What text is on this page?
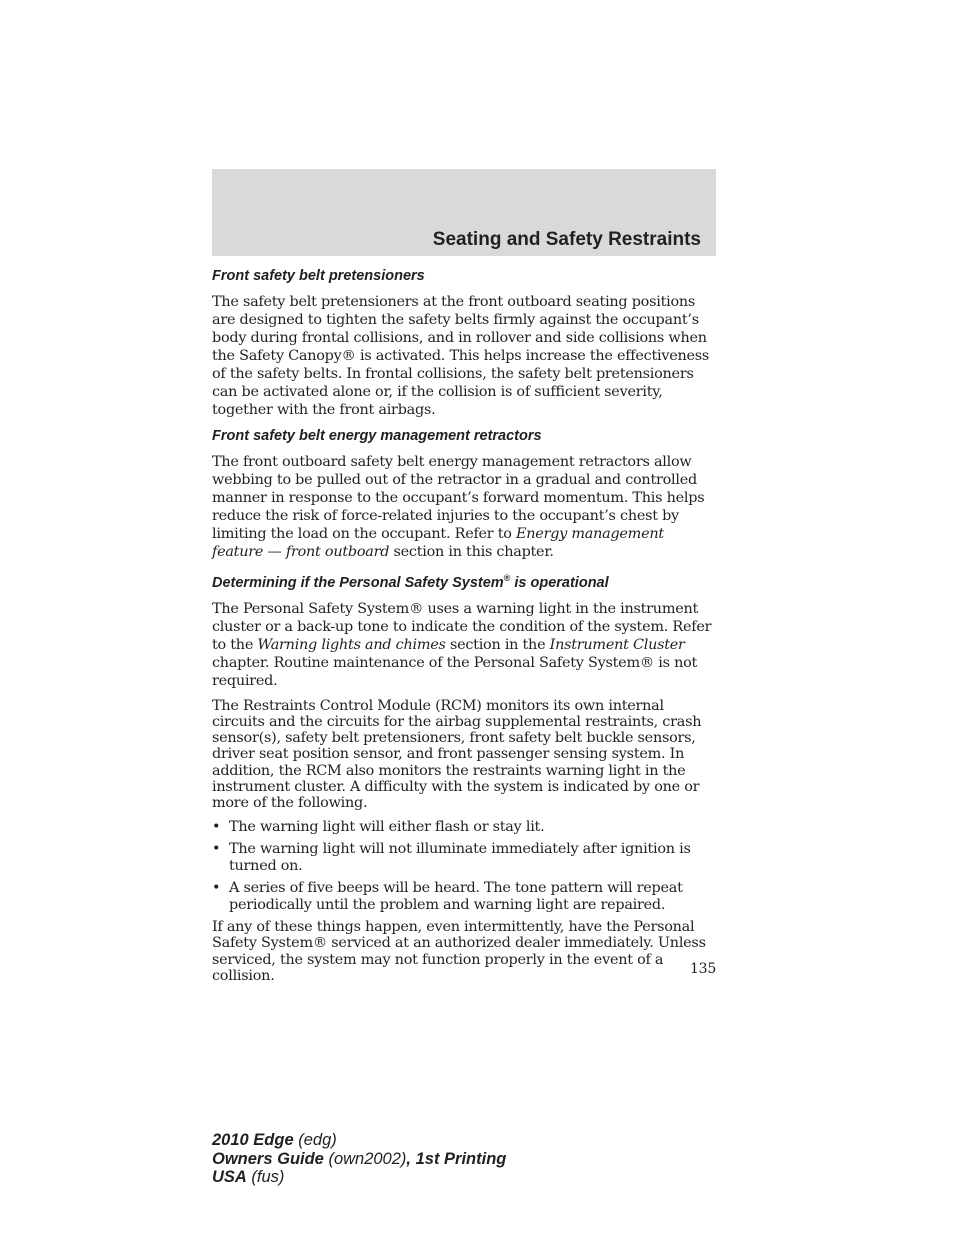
Seating and Safety Restraints
Front safety belt pretensioners

The safety belt pretensioners at the front outboard seating positions are designed to tighten the safety belts firmly against the occupant’s body during frontal collisions, and in rollover and side collisions when the Safety Canopy® is activated. This helps increase the effectiveness of the safety belts. In frontal collisions, the safety belt pretensioners can be activated alone or, if the collision is of sufficient severity, together with the front airbags.

Front safety belt energy management retractors

The front outboard safety belt energy management retractors allow webbing to be pulled out of the retractor in a gradual and controlled manner in response to the occupant’s forward momentum. This helps reduce the risk of force-related injuries to the occupant’s chest by limiting the load on the occupant. Refer to Energy management feature — front outboard section in this chapter.

Determining if the Personal Safety System® is operational

The Personal Safety System® uses a warning light in the instrument cluster or a back-up tone to indicate the condition of the system. Refer to the Warning lights and chimes section in the Instrument Cluster chapter. Routine maintenance of the Personal Safety System® is not required.

The Restraints Control Module (RCM) monitors its own internal circuits and the circuits for the airbag supplemental restraints, crash sensor(s), safety belt pretensioners, front safety belt buckle sensors, driver seat position sensor, and front passenger sensing system. In addition, the RCM also monitors the restraints warning light in the instrument cluster. A difficulty with the system is indicated by one or more of the following.

• The warning light will either flash or stay lit.
• The warning light will not illuminate immediately after ignition is turned on.
• A series of five beeps will be heard. The tone pattern will repeat periodically until the problem and warning light are repaired.

If any of these things happen, even intermittently, have the Personal Safety System® serviced at an authorized dealer immediately. Unless serviced, the system may not function properly in the event of a collision.	135

2010 Edge (edg)
Owners Guide (own2002), 1st Printing
USA (fus)
